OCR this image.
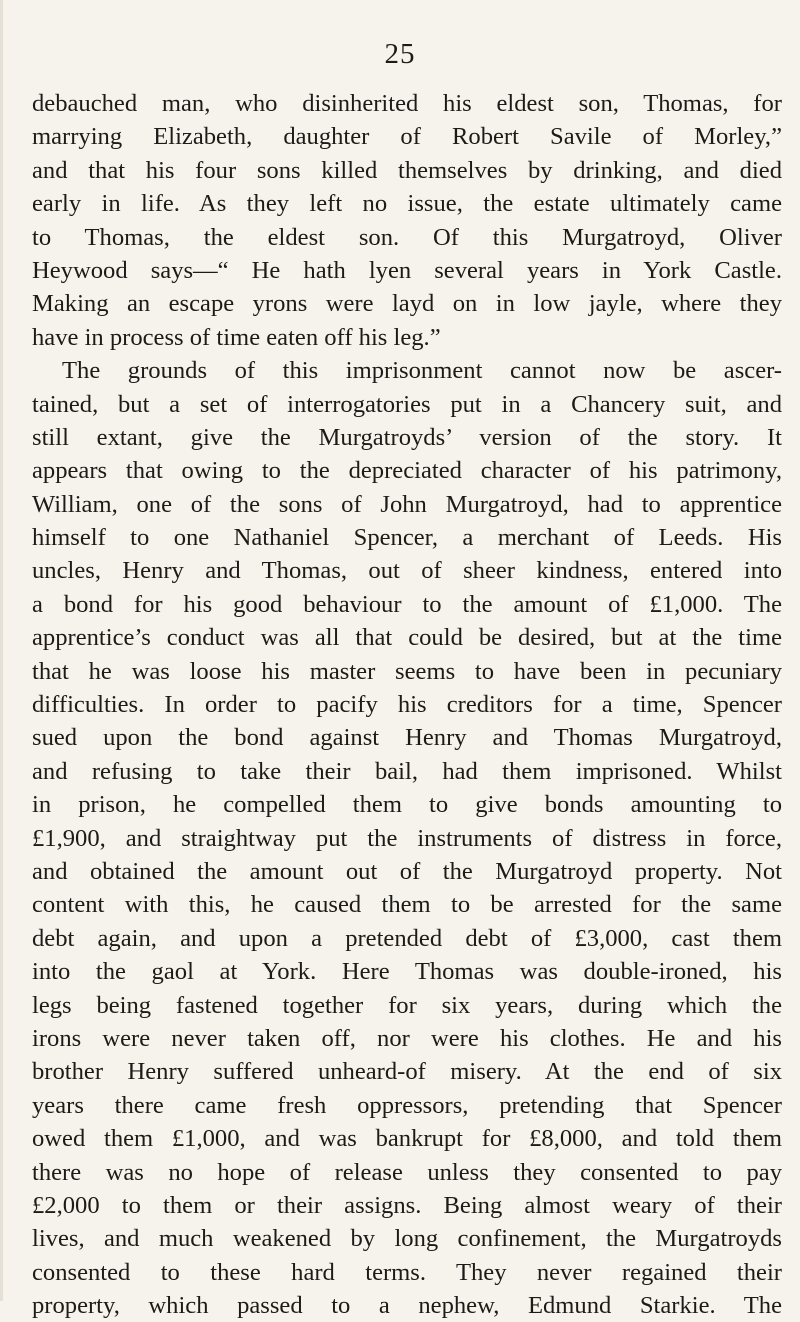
25
debauched man, who disinherited his eldest son, Thomas, for
marrying Elizabeth, daughter of Robert Savile of Morley,”
and that his four sons killed themselves by drinking, and died
early in life. As they left no issue, the estate ultimately came
to Thomas, the eldest son. Of this Murgatroyd, Oliver
Heywood says—“ He hath lyen several years in York Castle.
Making an escape yrons were layd on in low jayle, where they
have in process of time eaten off his leg.”
The grounds of this imprisonment cannot now be ascer-
tained, but a set of interrogatories put in a Chancery suit, and
still extant, give the Murgatroyds’ version of the story. It
appears that owing to the depreciated character of his patrimony,
William, one of the sons of John Murgatroyd, had to apprentice
himself to one Nathaniel Spencer, a merchant of Leeds. His
uncles, Henry and Thomas, out of sheer kindness, entered into
a bond for his good behaviour to the amount of £1,000. The
apprentice’s conduct was all that could be desired, but at the time
that he was loose his master seems to have been in pecuniary
difficulties. In order to pacify his creditors for a time, Spencer
sued upon the bond against Henry and Thomas Murgatroyd,
and refusing to take their bail, had them imprisoned. Whilst
in prison, he compelled them to give bonds amounting to
£1,900, and straightway put the instruments of distress in force,
and obtained the amount out of the Murgatroyd property. Not
content with this, he caused them to be arrested for the same
debt again, and upon a pretended debt of £3,000, cast them
into the gaol at York. Here Thomas was double-ironed, his
legs being fastened together for six years, during which the
irons were never taken off, nor were his clothes. He and his
brother Henry suffered unheard-of misery. At the end of six
years there came fresh oppressors, pretending that Spencer
owed them £1,000, and was bankrupt for £8,000, and told them
there was no hope of release unless they consented to pay
£2,000 to them or their assigns. Being almost weary of their
lives, and much weakened by long confinement, the Murgatroyds
consented to these hard terms. They never regained their
property, which passed to a nephew, Edmund Starkie. The
